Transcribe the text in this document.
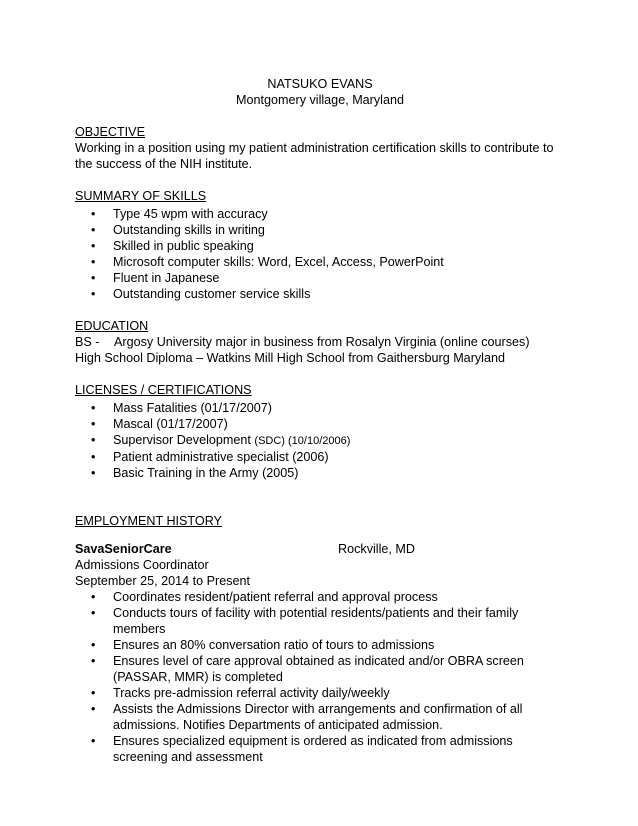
NATSUKO EVANS
Montgomery village, Maryland
OBJECTIVE
Working in a position using my patient administration certification skills to contribute to the success of the NIH institute.
SUMMARY OF SKILLS
• Type 45 wpm with accuracy
• Outstanding skills in writing
• Skilled in public speaking
• Microsoft computer skills: Word, Excel, Access, PowerPoint
• Fluent in Japanese
• Outstanding customer service skills
EDUCATION
BS - Argosy University major in business from Rosalyn Virginia (online courses)
High School Diploma – Watkins Mill High School from Gaithersburg Maryland
LICENSES / CERTIFICATIONS
• Mass Fatalities (01/17/2007)
• Mascal (01/17/2007)
• Supervisor Development (SDC) (10/10/2006)
• Patient administrative specialist (2006)
• Basic Training in the Army (2005)
EMPLOYMENT HISTORY
SavaSeniorCare	Rockville, MD
Admissions Coordinator
September 25, 2014 to Present
• Coordinates resident/patient referral and approval process
• Conducts tours of facility with potential residents/patients and their family members
• Ensures an 80% conversation ratio of tours to admissions
• Ensures level of care approval obtained as indicated and/or OBRA screen (PASSAR, MMR) is completed
• Tracks pre-admission referral activity daily/weekly
• Assists the Admissions Director with arrangements and confirmation of all admissions. Notifies Departments of anticipated admission.
• Ensures specialized equipment is ordered as indicated from admissions screening and assessment
